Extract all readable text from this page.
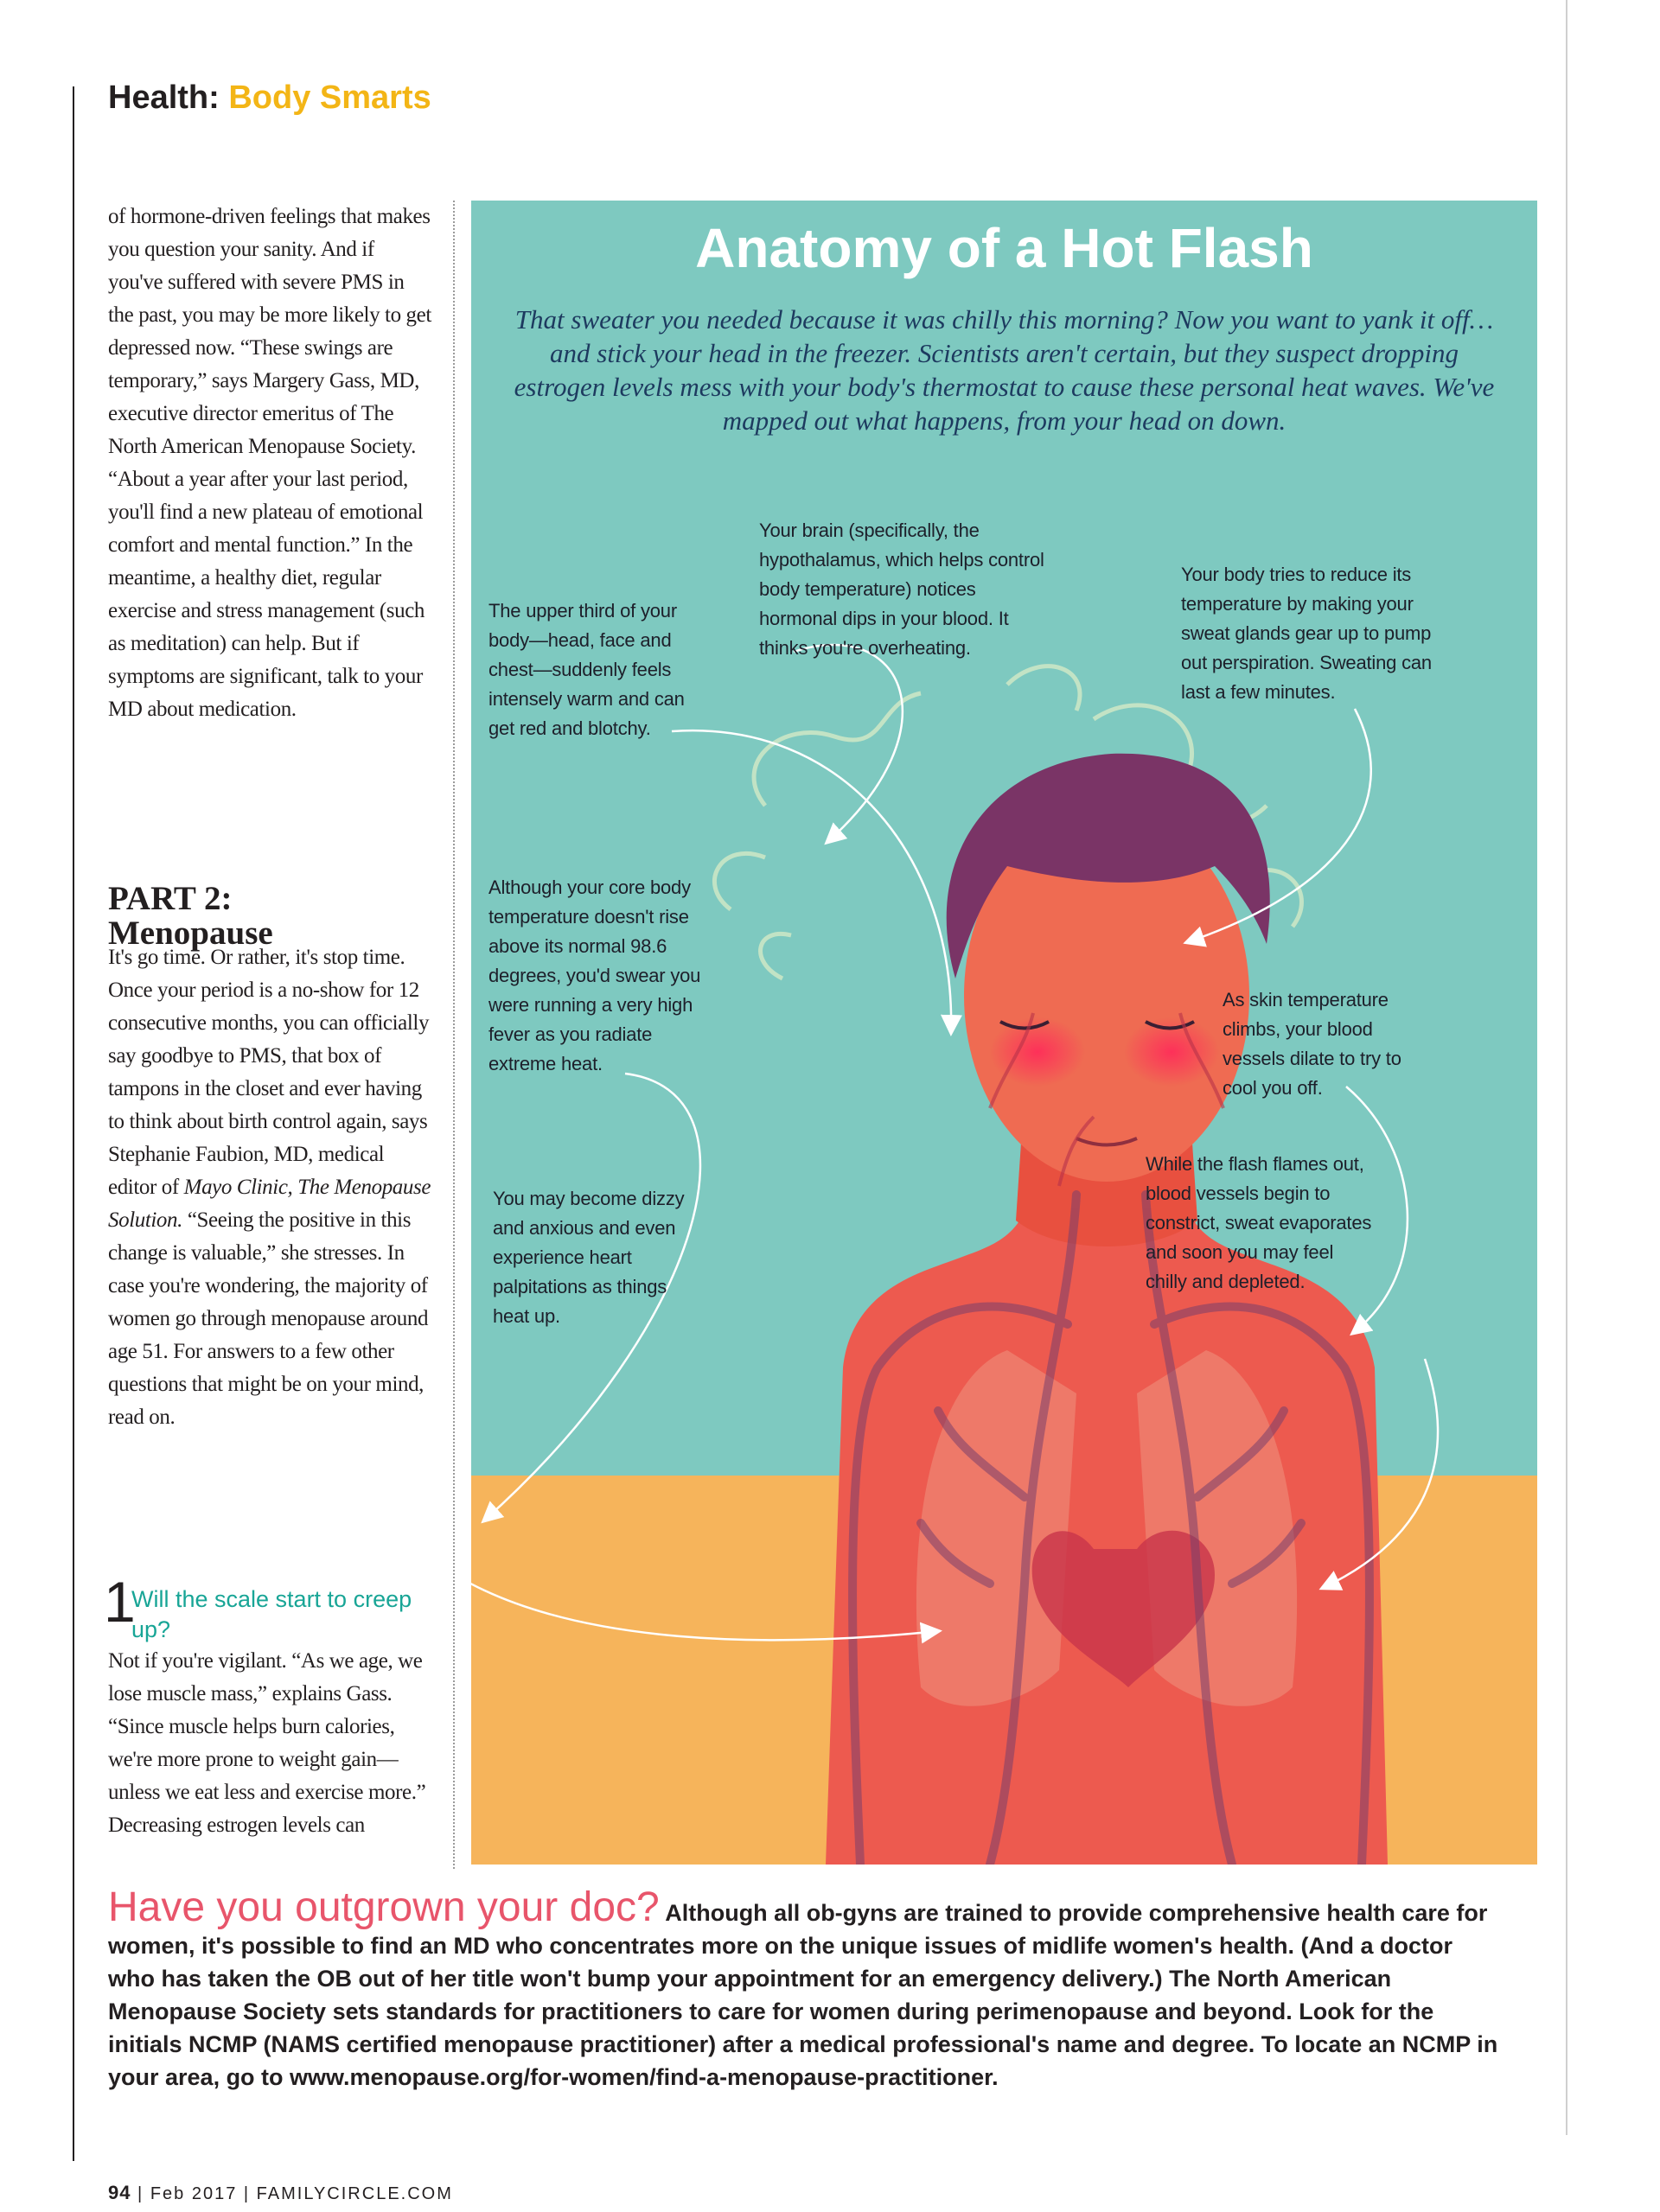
Health: Body Smarts

of hormone-driven feelings that makes you question your sanity. And if you've suffered with severe PMS in the past, you may be more likely to get depressed now. “These swings are temporary,” says Margery Gass, MD, executive director emeritus of The North American Menopause Society. “About a year after your last period, you'll find a new plateau of emotional comfort and mental function.” In the meantime, a healthy diet, regular exercise and stress management (such as meditation) can help. But if symptoms are significant, talk to your MD about medication.

PART 2:
Menopause

It's go time. Or rather, it's stop time. Once your period is a no-show for 12 consecutive months, you can officially say goodbye to PMS, that box of tampons in the closet and ever having to think about birth control again, says Stephanie Faubion, MD, medical editor of Mayo Clinic, The Menopause Solution. “Seeing the positive in this change is valuable,” she stresses. In case you're wondering, the majority of women go through menopause around age 51. For answers to a few other questions that might be on your mind, read on.

1
Will the scale start to creep up?

Not if you're vigilant. “As we age, we lose muscle mass,” explains Gass. “Since muscle helps burn calories, we're more prone to weight gain—unless we eat less and exercise more.” Decreasing estrogen levels can

Anatomy of a Hot Flash
That sweater you needed because it was chilly this morning? Now you want to yank it off…and stick your head in the freezer. Scientists aren't certain, but they suspect dropping estrogen levels mess with your body's thermostat to cause these personal heat waves. We've mapped out what happens, from your head on down.
The upper third of your body—head, face and chest—suddenly feels intensely warm and can get red and blotchy.
Your brain (specifically, the hypothalamus, which helps control body temperature) notices hormonal dips in your blood. It thinks you're overheating.
Your body tries to reduce its temperature by making your sweat glands gear up to pump out perspiration. Sweating can last a few minutes.
Although your core body temperature doesn't rise above its normal 98.6 degrees, you'd swear you were running a very high fever as you radiate extreme heat.
As skin temperature climbs, your blood vessels dilate to try to cool you off.
You may become dizzy and anxious and even experience heart palpitations as things heat up.
While the flash flames out, blood vessels begin to constrict, sweat evaporates and soon you may feel chilly and depleted.
Have you outgrown your doc? Although all ob-gyns are trained to provide comprehensive health care for women, it's possible to find an MD who concentrates more on the unique issues of midlife women's health. (And a doctor who has taken the OB out of her title won't bump your appointment for an emergency delivery.) The North American Menopause Society sets standards for practitioners to care for women during perimenopause and beyond. Look for the initials NCMP (NAMS certified menopause practitioner) after a medical professional's name and degree. To locate an NCMP in your area, go to www.menopause.org/for-women/find-a-menopause-practitioner.
94 | Feb 2017 | FAMILYCIRCLE.COM
